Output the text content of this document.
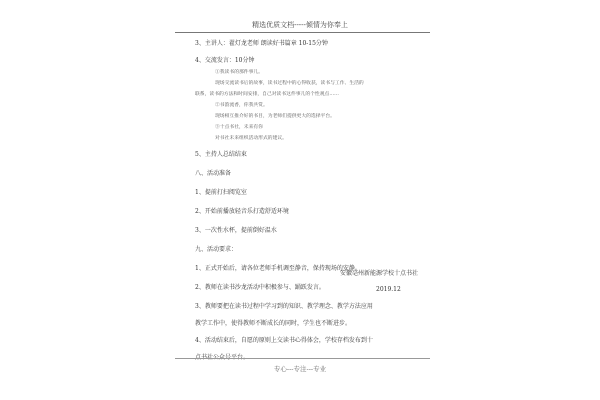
精选优质文档-----倾情为你奉上
3、主讲人：翟灯龙老师 朗读好书篇章 10-15分钟
4、交流发言：10分钟
①我读书的那件事儿。
现场交流读书后的故事，读书过程中的心得收获，读书与工作、生活的
联系，读书的方法和时间安排，自己对读书这件事儿的个性观点……
②书韵流香，你我共赏。
现场相互推介好的书目，为老师们提供更大的选择平台。
③十点书社，未来有你
对书社未来组织活动形式的建议。
5、主持人总结结束
八、活动准备
1、提前打扫阅览室
2、开始前播放轻音乐打造舒适环境
3、一次性水杯，提前倒好温水
九、活动要求：
1、正式开始后，请各位老师手机调至静音，保持现场的安静。
2、教师在读书沙龙活动中积极参与、踊跃发言。
3、教师要把在读书过程中学习到的知识、教学理念、教学方法应用
教学工作中，使得教师不断成长的同时，学生也不断进步。
4、活动结束后，自愿的原则上交读书心得体会，学校存档发布到十
点书社公众号平台。
安徽亳州新能源学校十点书社
2019.12
专心---专注---专业
